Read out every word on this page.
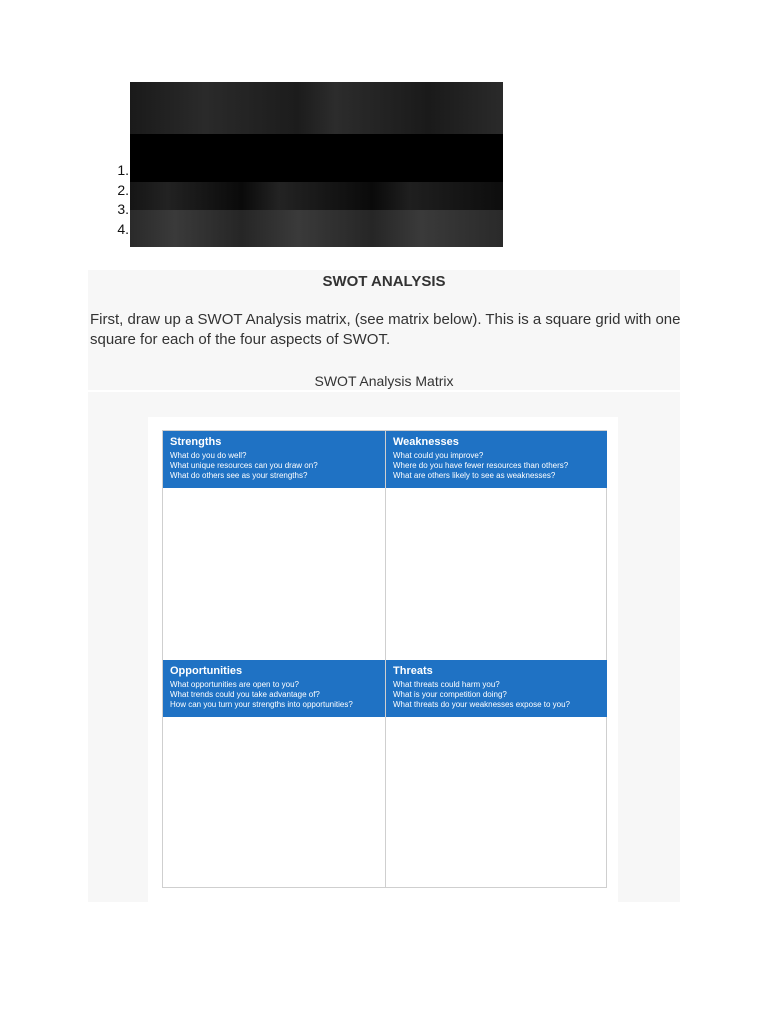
1.
2.
3.
4.
SWOT ANALYSIS
First, draw up a SWOT Analysis matrix, (see matrix below). This is a square grid with one square for each of the four aspects of SWOT.
SWOT Analysis Matrix
Strengths
What do you do well?
What unique resources can you draw on?
What do others see as your strengths?
Weaknesses
What could you improve?
Where do you have fewer resources than others?
What are others likely to see as weaknesses?
Opportunities
What opportunities are open to you?
What trends could you take advantage of?
How can you turn your strengths into opportunities?
Threats
What threats could harm you?
What is your competition doing?
What threats do your weaknesses expose to you?
